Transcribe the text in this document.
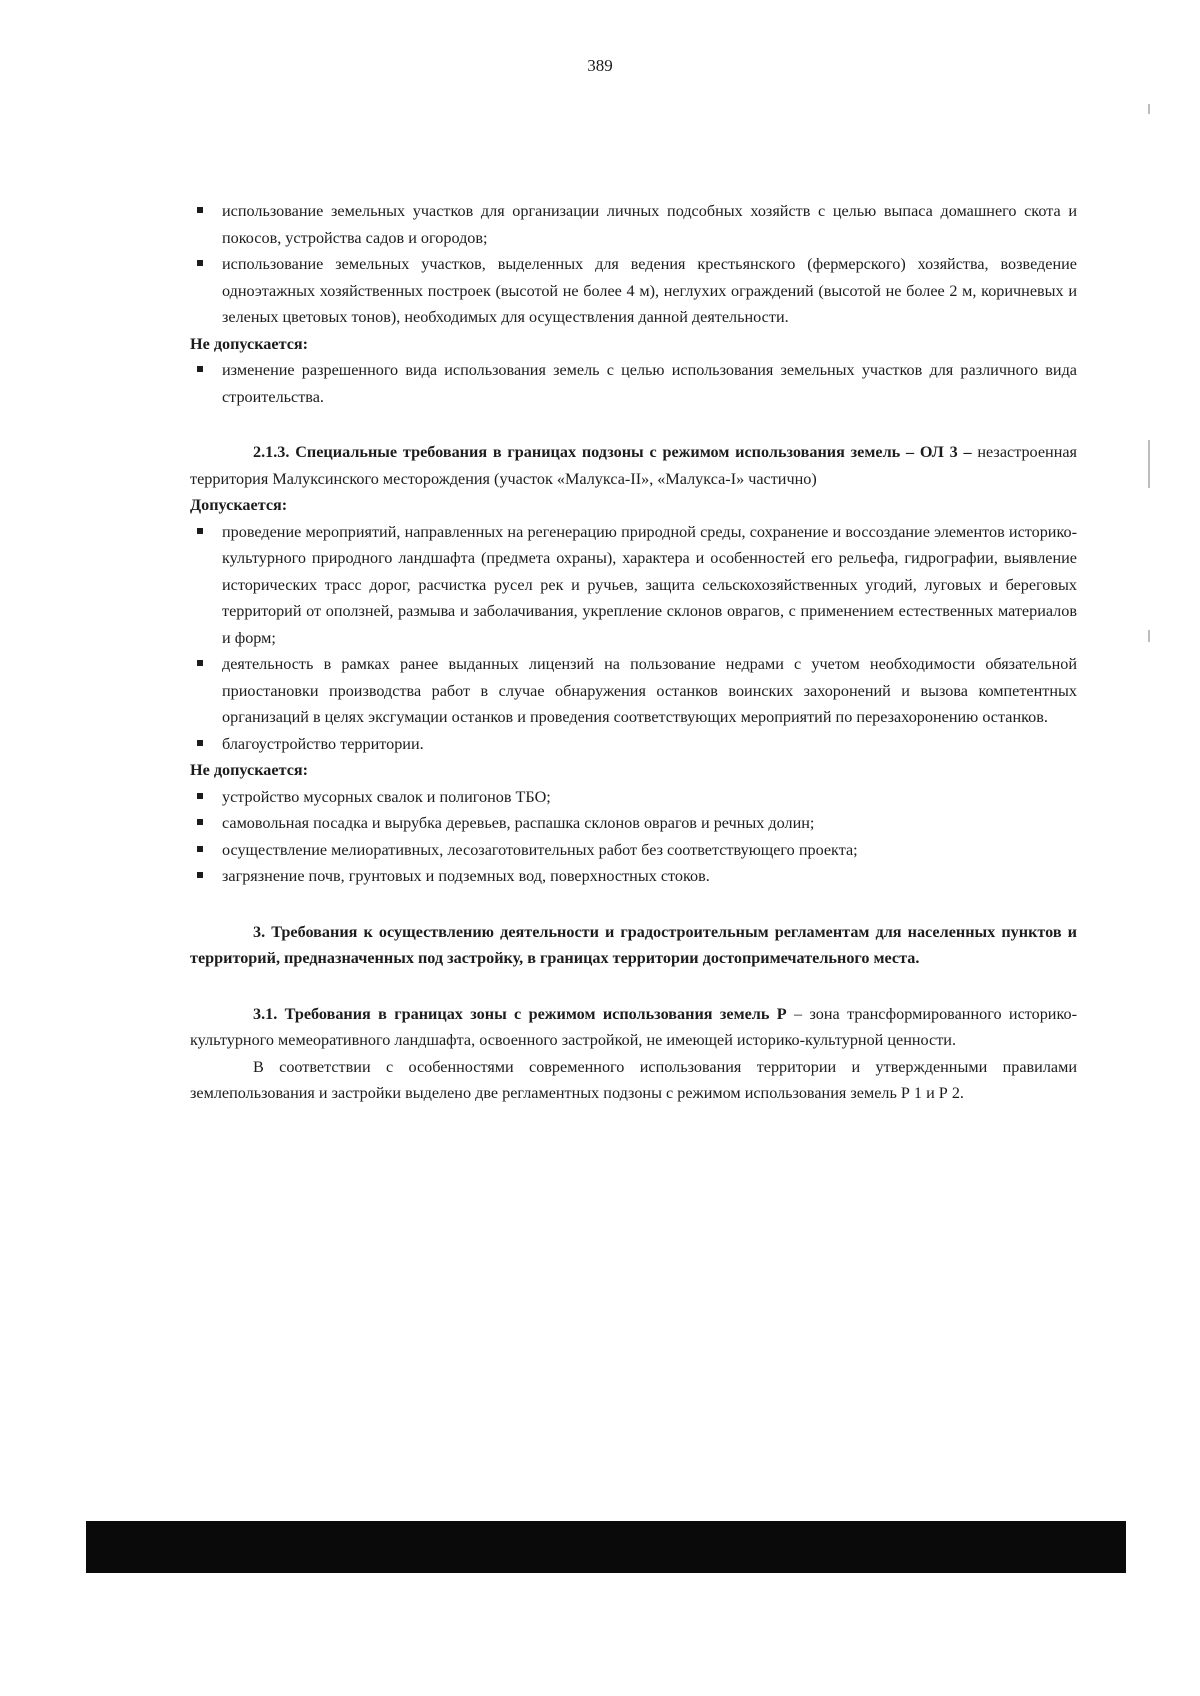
389
использование земельных участков для организации личных подсобных хозяйств с целью выпаса домашнего скота и покосов, устройства садов и огородов;
использование земельных участков, выделенных для ведения крестьянского (фермерского) хозяйства, возведение одноэтажных хозяйственных построек (высотой не более 4 м), неглухих ограждений (высотой не более 2 м, коричневых и зеленых цветовых тонов), необходимых для осуществления данной деятельности.

Не допускается:

изменение разрешенного вида использования земель с целью использования земельных участков для различного вида строительства.

2.1.3. Специальные требования в границах подзоны с режимом использования земель – ОЛ 3 – незастроенная территория Малуксинского месторождения (участок «Малукса-II», «Малукса-I» частично)

Допускается:

проведение мероприятий, направленных на регенерацию природной среды, сохранение и воссоздание элементов историко-культурного природного ландшафта (предмета охраны), характера и особенностей его рельефа, гидрографии, выявление исторических трасс дорог, расчистка русел рек и ручьев, защита сельскохозяйственных угодий, луговых и береговых территорий от оползней, размыва и заболачивания, укрепление склонов оврагов, с применением естественных материалов и форм;
деятельность в рамках ранее выданных лицензий на пользование недрами с учетом необходимости обязательной приостановки производства работ в случае обнаружения останков воинских захоронений и вызова компетентных организаций в целях эксгумации останков и проведения соответствующих мероприятий по перезахоронению останков.
благоустройство территории.

Не допускается:

устройство мусорных свалок и полигонов ТБО;
самовольная посадка и вырубка деревьев, распашка склонов оврагов и речных долин;
осуществление мелиоративных, лесозаготовительных работ без соответствующего проекта;
загрязнение почв, грунтовых и подземных вод, поверхностных стоков.

3. Требования к осуществлению деятельности и градостроительным регламентам для населенных пунктов и территорий, предназначенных под застройку, в границах территории достопримечательного места.

3.1. Требования в границах зоны с режимом использования земель Р – зона трансформированного историко-культурного мемеоративного ландшафта, освоенного застройкой, не имеющей историко-культурной ценности.

В соответствии с особенностями современного использования территории и утвержденными правилами землепользования и застройки выделено две регламентных подзоны с режимом использования земель Р 1 и Р 2.
